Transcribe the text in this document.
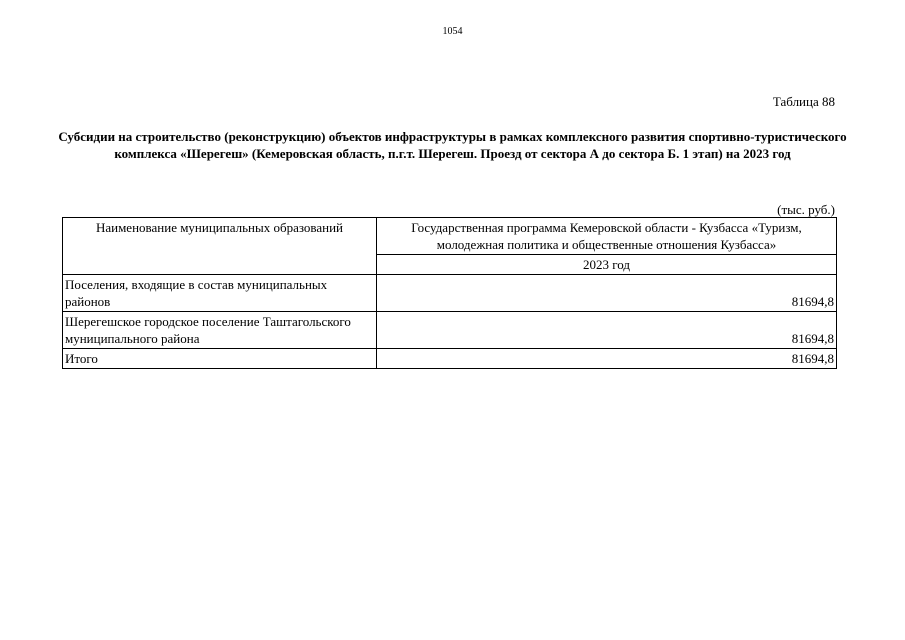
1054
Таблица 88
Субсидии на строительство (реконструкцию) объектов инфраструктуры в рамках комплексного развития спортивно-туристического комплекса «Шерегеш» (Кемеровская область, п.г.т. Шерегеш. Проезд от сектора А до сектора Б. 1 этап) на 2023 год
(тыс. руб.)
Наименование муниципальных образований	Государственная программа Кемеровской области - Кузбасса «Туризм, молодежная политика и общественные отношения Кузбасса»
	2023 год
Поселения, входящие в состав муниципальных районов	81694,8
Шерегешское городское поселение Таштагольского муниципального района	81694,8
Итого	81694,8
